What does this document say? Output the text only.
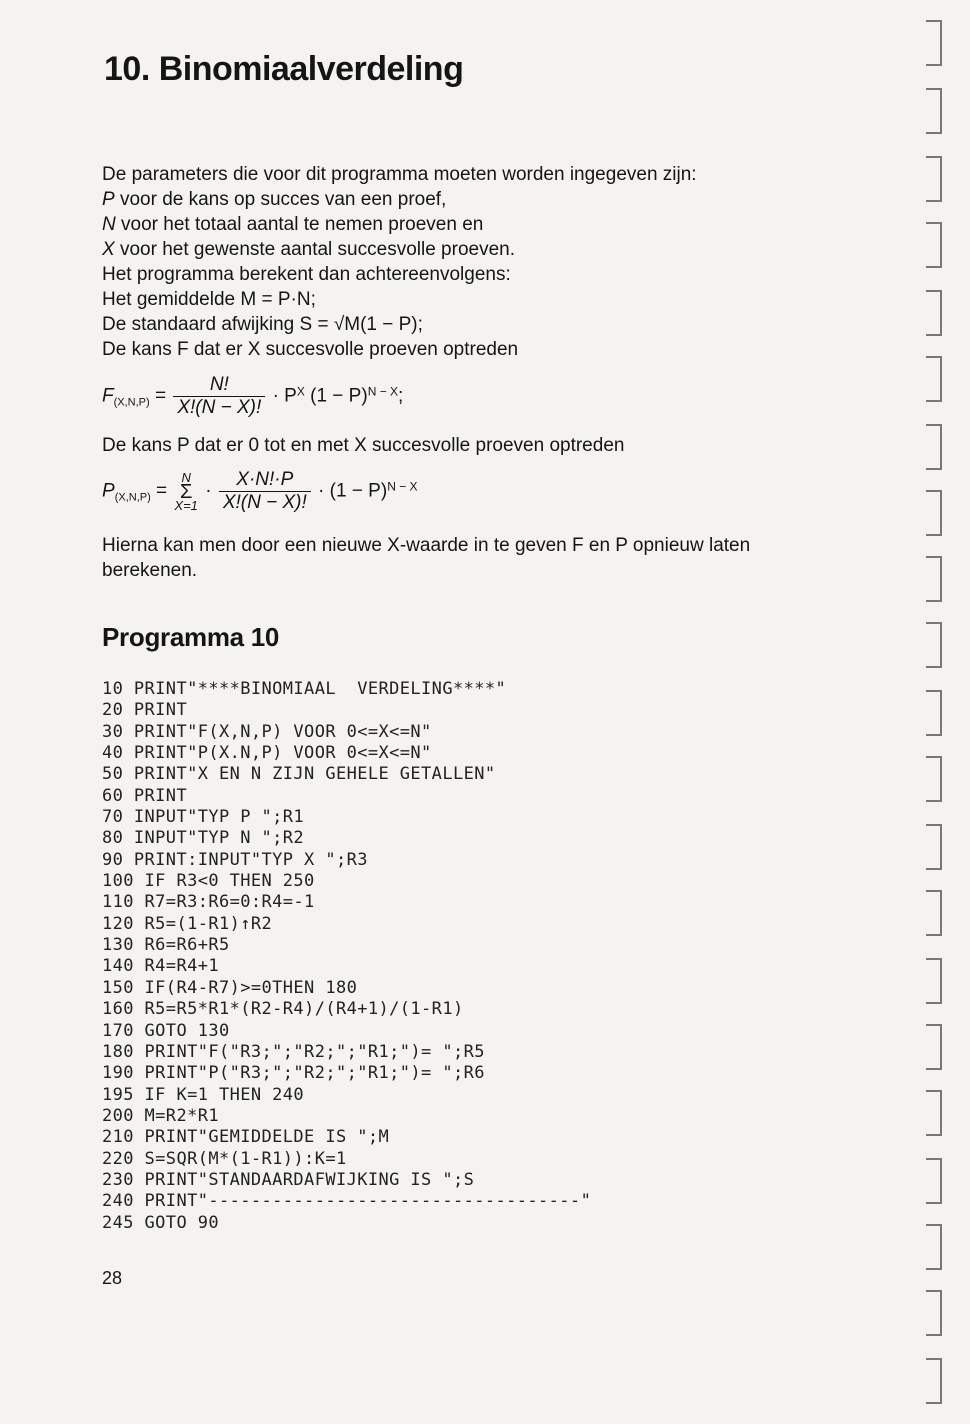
10. Binomiaalverdeling
De parameters die voor dit programma moeten worden ingegeven zijn:
P voor de kans op succes van een proef,
N voor het totaal aantal te nemen proeven en
X voor het gewenste aantal succesvolle proeven.
Het programma berekent dan achtereenvolgens:
Het gemiddelde M = P·N;
De standaard afwijking S = √M(1 − P);
De kans F dat er X succesvolle proeven optreden
$F_{(X,N,P)} = \frac{N!}{X!(N - X)!} \cdot P^X$ $(1 - P)^{N - X}$;
De kans P dat er 0 tot en met X succesvolle proeven optreden
$P_{(X,N,P)} = N$
Σ
$X=1 \cdot \frac{X\cdot N!\cdot P}{X!(N - X)!} \cdot (1 - P)^{N - X}$
Hierna kan men door een nieuwe X-waarde in te geven F en P opnieuw laten berekenen.
Programma 10
10 PRINT"****BINOMIAAL  VERDELING****"
20 PRINT
30 PRINT"F(X,N,P) VOOR 0<=X<=N"
40 PRINT"P(X.N,P) VOOR 0<=X<=N"
50 PRINT"X EN N ZIJN GEHELE GETALLEN"
60 PRINT
70 INPUT"TYP P ";R1
80 INPUT"TYP N ";R2
90 PRINT:INPUT"TYP X ";R3
100 IF R3<0 THEN 250
110 R7=R3:R6=0:R4=-1
120 R5=(1-R1)↑R2
130 R6=R6+R5
140 R4=R4+1
150 IF(R4-R7)>=0THEN 180
160 R5=R5*R1*(R2-R4)/(R4+1)/(1-R1)
170 GOTO 130
180 PRINT"F("R3;";"R2;";"R1;")= ";R5
190 PRINT"P("R3;";"R2;";"R1;")= ";R6
195 IF K=1 THEN 240
200 M=R2*R1
210 PRINT"GEMIDDELDE IS ";M
220 S=SQR(M*(1-R1)):K=1
230 PRINT"STANDAARDAFWIJKING IS ";S
240 PRINT"-----------------------------------"
245 GOTO 90
28
